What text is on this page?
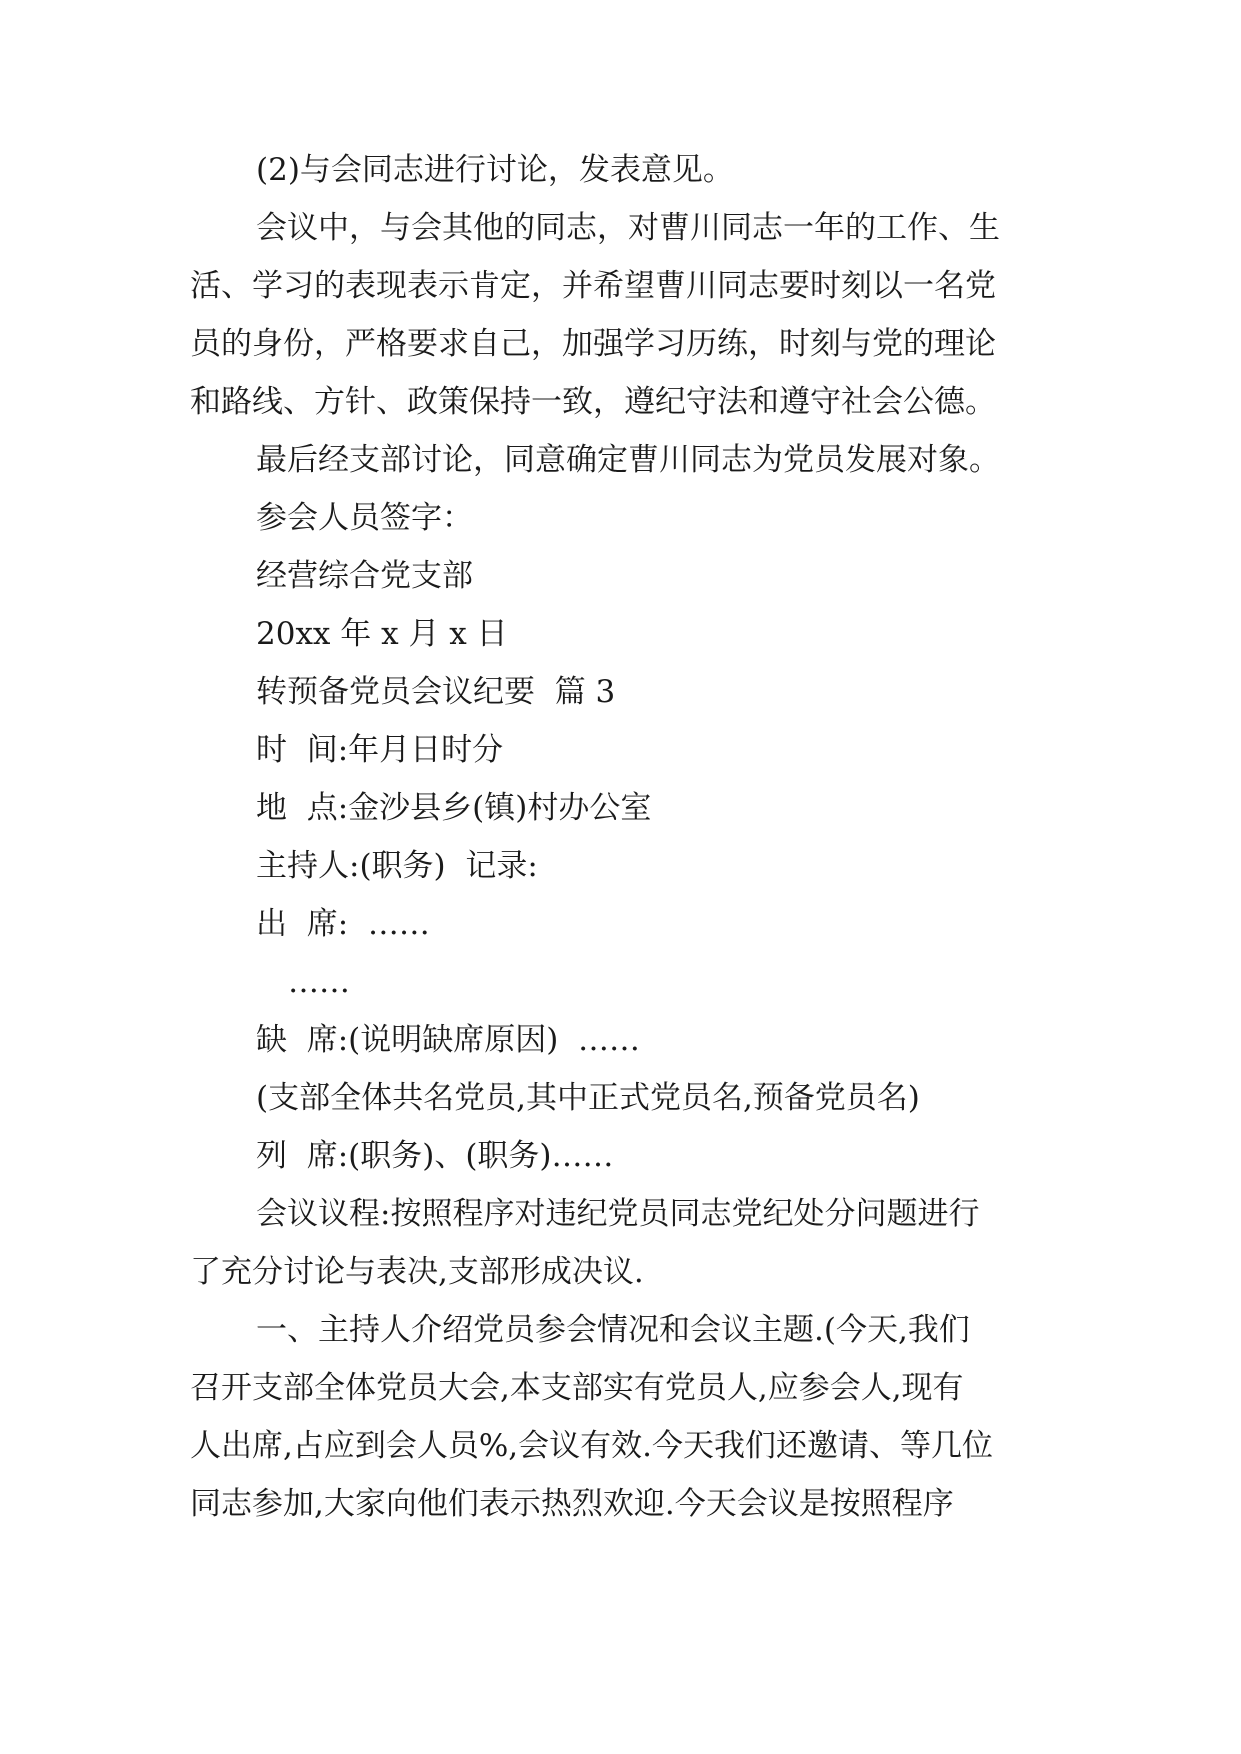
(2)与会同志进行讨论，发表意见。
会议中，与会其他的同志，对曹川同志一年的工作、生
活、学习的表现表示肯定，并希望曹川同志要时刻以一名党
员的身份，严格要求自己，加强学习历练，时刻与党的理论
和路线、方针、政策保持一致，遵纪守法和遵守社会公德。
最后经支部讨论，同意确定曹川同志为党员发展对象。
参会人员签字：
经营综合党支部
20xx 年 x 月 x 日
转预备党员会议纪要  篇 3
时  间:年月日时分
地  点:金沙县乡(镇)村办公室
主持人:(职务)  记录:
出  席:  ……
……
缺  席:(说明缺席原因)  ……
(支部全体共名党员,其中正式党员名,预备党员名)
列  席:(职务)、(职务)……
会议议程:按照程序对违纪党员同志党纪处分问题进行
了充分讨论与表决,支部形成决议.
一、主持人介绍党员参会情况和会议主题.(今天,我们
召开支部全体党员大会,本支部实有党员人,应参会人,现有
人出席,占应到会人员%,会议有效.今天我们还邀请、等几位
同志参加,大家向他们表示热烈欢迎.今天会议是按照程序
